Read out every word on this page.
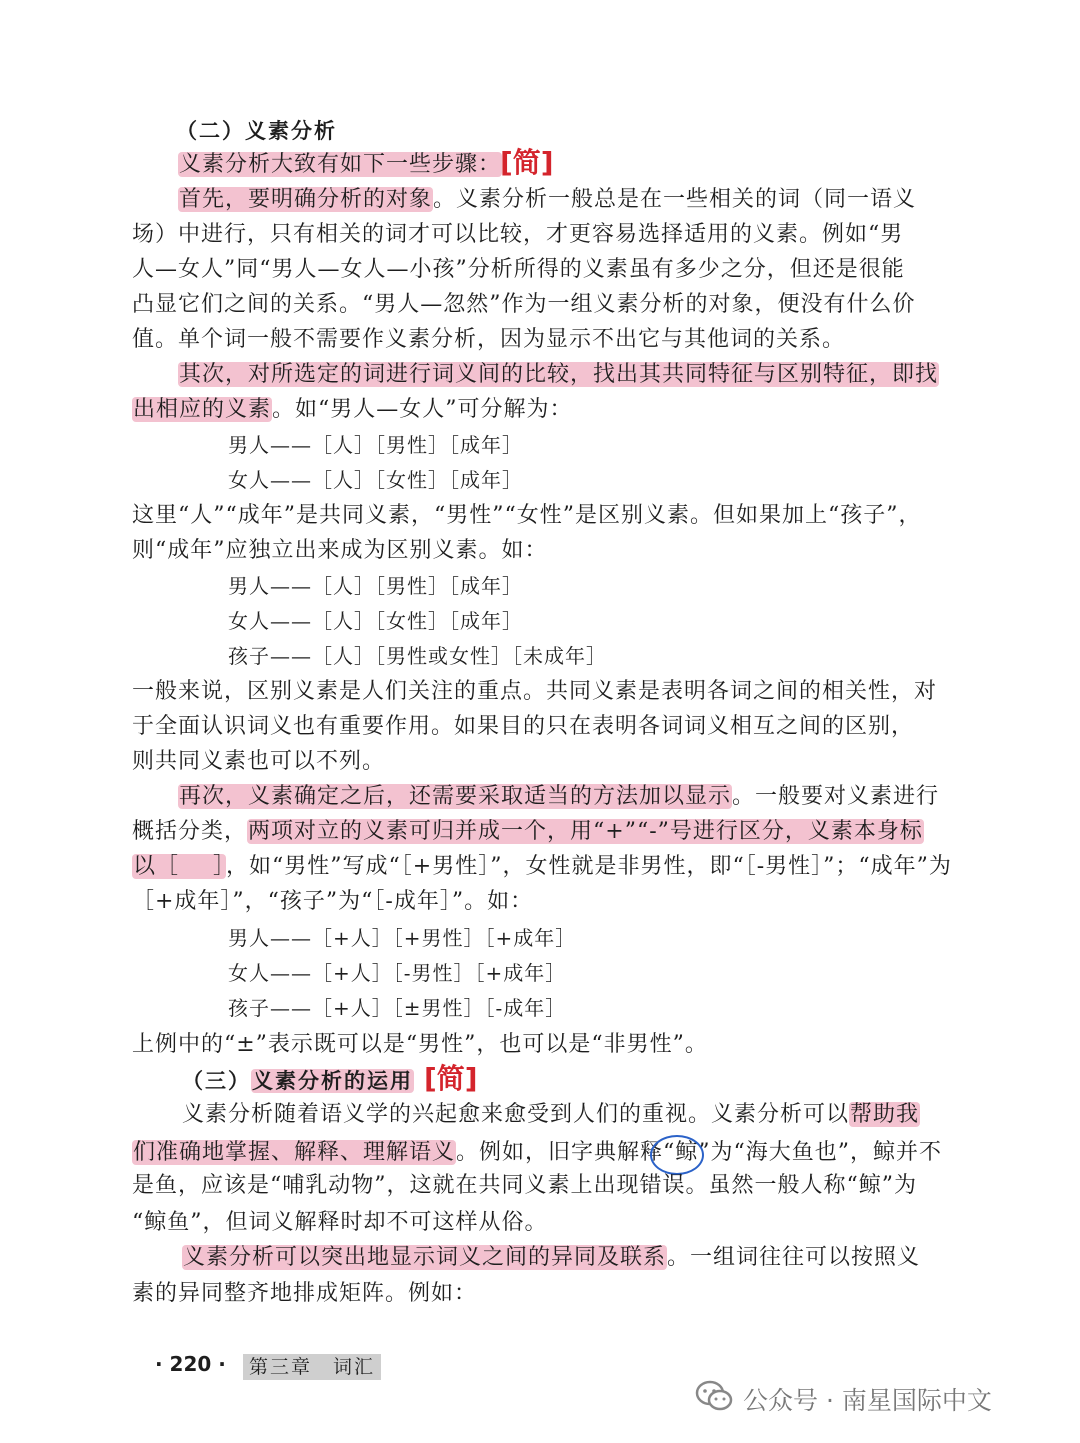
（二）义素分析
义素分析大致有如下一些步骤：
[简]
首先，要明确分析的对象。义素分析一般总是在一些相关的词（同一语义
场）中进行，只有相关的词才可以比较，才更容易选择适用的义素。例如“男
人—女人”同“男人—女人—小孩”分析所得的义素虽有多少之分，但还是很能
凸显它们之间的关系。“男人—忽然”作为一组义素分析的对象，便没有什么价
值。单个词一般不需要作义素分析，因为显示不出它与其他词的关系。
其次，对所选定的词进行词义间的比较，找出其共同特征与区别特征，即找
出相应的义素。如“男人—女人”可分解为：
男人——［人］［男性］［成年］
女人——［人］［女性］［成年］
这里“人”“成年”是共同义素，“男性”“女性”是区别义素。但如果加上“孩子”，
则“成年”应独立出来成为区别义素。如：
男人——［人］［男性］［成年］
女人——［人］［女性］［成年］
孩子——［人］［男性或女性］［未成年］
一般来说，区别义素是人们关注的重点。共同义素是表明各词之间的相关性，对
于全面认识词义也有重要作用。如果目的只在表明各词词义相互之间的区别，
则共同义素也可以不列。
再次，义素确定之后，还需要采取适当的方法加以显示。一般要对义素进行
概括分类，两项对立的义素可归并成一个，用“+”“-”号进行区分，义素本身标
以［ ］，如“男性”写成“［+男性］”，女性就是非男性，即“［-男性］”；“成年”为
［+成年］”，“孩子”为“［-成年］”。如：
男人——［+人］［+男性］［+成年］
女人——［+人］［-男性］［+成年］
孩子——［+人］［±男性］［-成年］
上例中的“±”表示既可以是“男性”，也可以是“非男性”。
（三）义素分析的运用 [简]
义素分析随着语义学的兴起愈来愈受到人们的重视。义素分析可以帮助我
们准确地掌握、解释、理解语义。例如，旧字典解释“鲸”为“海大鱼也”，鲸并不
是鱼，应该是“哺乳动物”，这就在共同义素上出现错误。虽然一般人称“鲸”为
“鲸鱼”，但词义解释时却不可这样从俗。
义素分析可以突出地显示词义之间的异同及联系。一组词往往可以按照义
素的异同整齐地排成矩阵。例如：
· 220 ·	第三章　词汇
公众号 · 南星国际中文
